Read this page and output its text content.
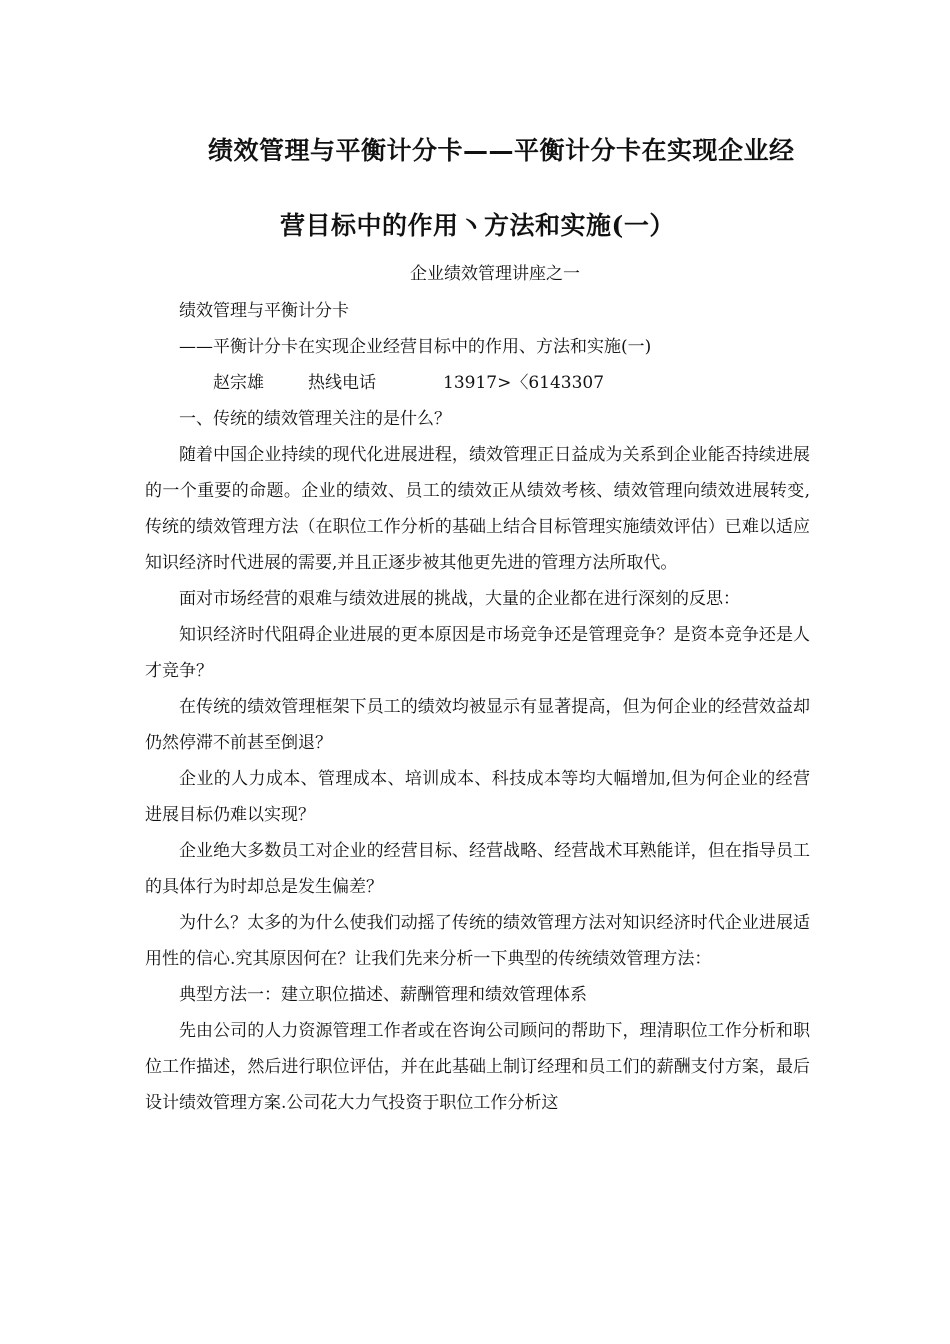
绩效管理与平衡计分卡——平衡计分卡在实现企业经
营目标中的作用丶方法和实施(一）
企业绩效管理讲座之一

绩效管理与平衡计分卡

——平衡计分卡在实现企业经营目标中的作用、方法和实施(一)

赵宗雄	热线电话	13917>〈6143307

一、传统的绩效管理关注的是什么？

随着中国企业持续的现代化进展进程，绩效管理正日益成为关系到企业能否持续进展的一个重要的命题。企业的绩效、员工的绩效正从绩效考核、绩效管理向绩效进展转变,传统的绩效管理方法（在职位工作分析的基础上结合目标管理实施绩效评估）已难以适应知识经济时代进展的需要,并且正逐步被其他更先进的管理方法所取代。

面对市场经营的艰难与绩效进展的挑战，大量的企业都在进行深刻的反思：

知识经济时代阻碍企业进展的更本原因是市场竞争还是管理竞争？是资本竞争还是人才竞争？

在传统的绩效管理框架下员工的绩效均被显示有显著提高，但为何企业的经营效益却仍然停滞不前甚至倒退？

企业的人力成本、管理成本、培训成本、科技成本等均大幅增加,但为何企业的经营进展目标仍难以实现？

企业绝大多数员工对企业的经营目标、经营战略、经营战术耳熟能详，但在指导员工的具体行为时却总是发生偏差？

为什么？太多的为什么使我们动摇了传统的绩效管理方法对知识经济时代企业进展适用性的信心.究其原因何在？让我们先来分析一下典型的传统绩效管理方法：

典型方法一：建立职位描述、薪酬管理和绩效管理体系

先由公司的人力资源管理工作者或在咨询公司顾问的帮助下，理清职位工作分析和职位工作描述，然后进行职位评估，并在此基础上制订经理和员工们的薪酬支付方案，最后设计绩效管理方案.公司花大力气投资于职位工作分析这
